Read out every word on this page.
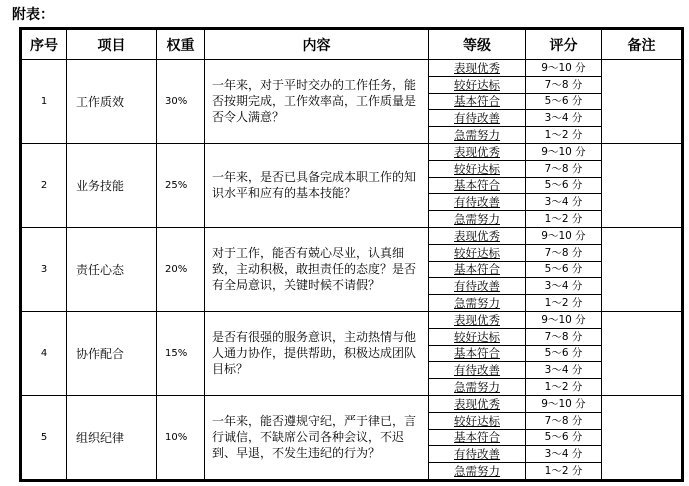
附表：
序号	项目	权重	内容	等级	评分	备注
1	工作质效	30%	一年来，对于平时交办的工作任务，能否按期完成，工作效率高，工作质量是否令人满意？	表现优秀	9～10 分	
				较好达标	7～8 分	
				基本符合	5～6 分	
				有待改善	3～4 分	
				急需努力	1～2 分	
2	业务技能	25%	一年来，是否已具备完成本职工作的知识水平和应有的基本技能？	表现优秀	9～10 分	
				较好达标	7～8 分	
				基本符合	5～6 分	
				有待改善	3～4 分	
				急需努力	1～2 分	
3	责任心态	20%	对于工作，能否有兢心尽业，认真细致，主动积极，敢担责任的态度？是否有全局意识，关键时候不请假？	表现优秀	9～10 分	
				较好达标	7～8 分	
				基本符合	5～6 分	
				有待改善	3～4 分	
				急需努力	1～2 分	
4	协作配合	15%	是否有很强的服务意识，主动热情与他人通力协作，提供帮助，积极达成团队目标？	表现优秀	9～10 分	
				较好达标	7～8 分	
				基本符合	5～6 分	
				有待改善	3～4 分	
				急需努力	1～2 分	
5	组织纪律	10%	一年来，能否遵规守纪，严于律已，言行诚信，不缺席公司各种会议，不迟到、早退，不发生违纪的行为？	表现优秀	9～10 分	
				较好达标	7～8 分	
				基本符合	5～6 分	
				有待改善	3～4 分	
				急需努力	1～2 分	
